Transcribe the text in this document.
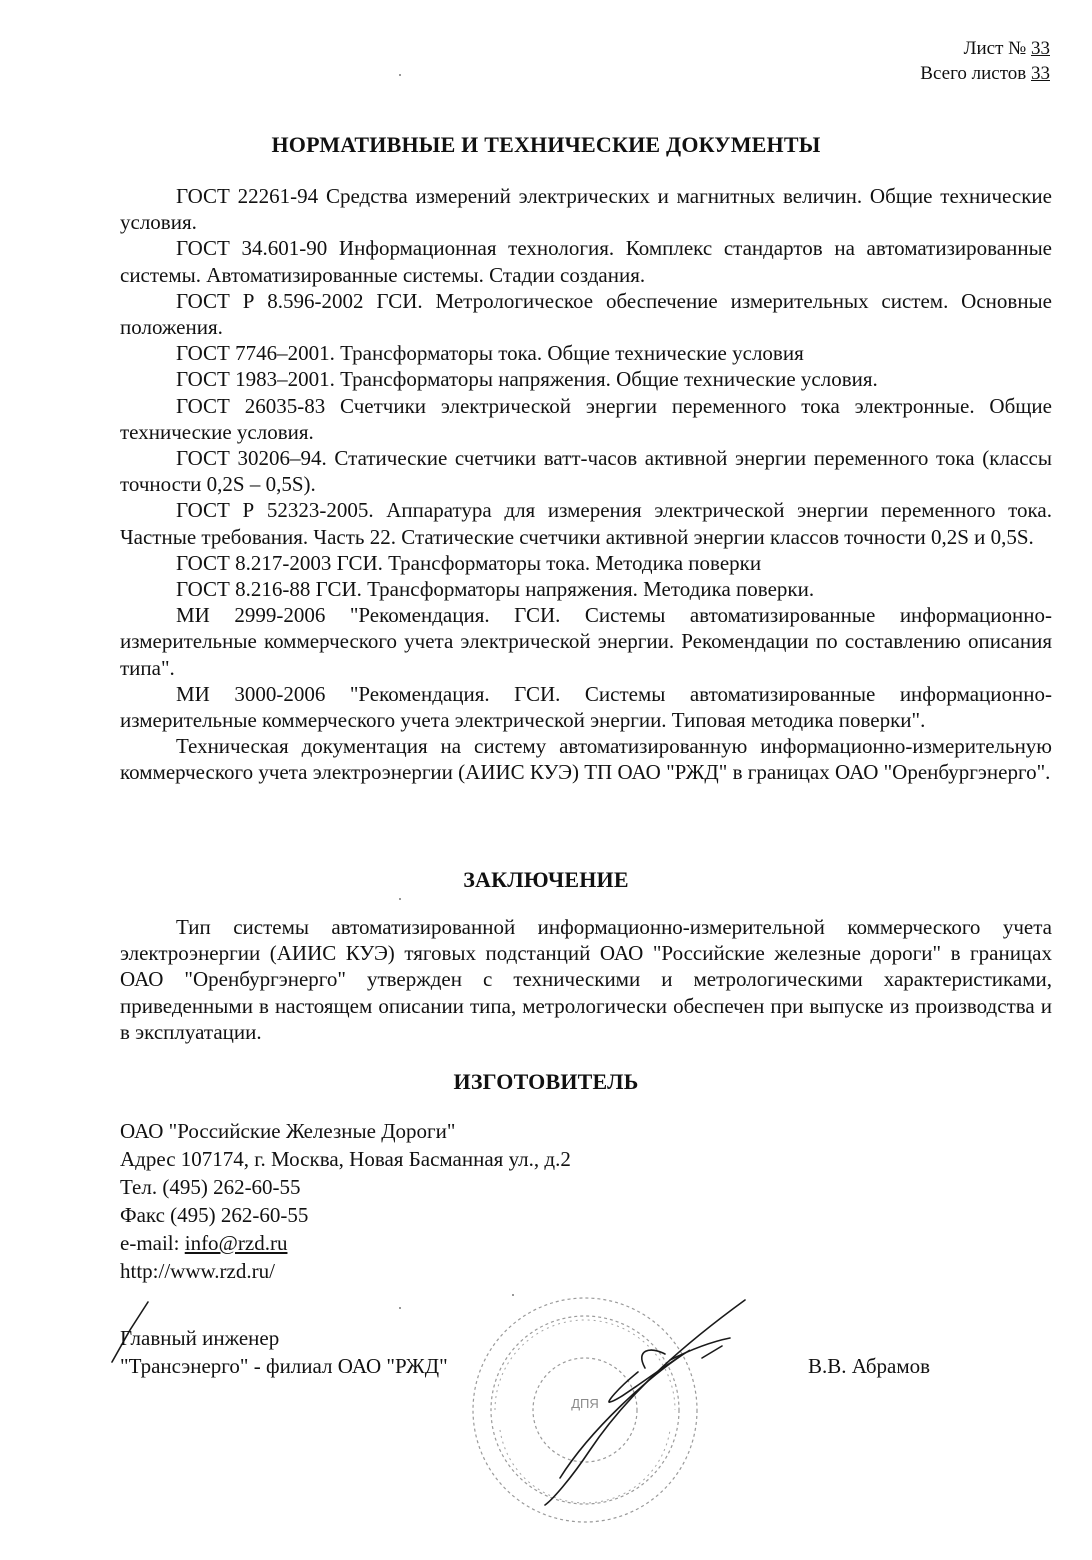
Лист № 33
Всего листов 33
НОРМАТИВНЫЕ И ТЕХНИЧЕСКИЕ ДОКУМЕНТЫ

ГОСТ 22261-94 Средства измерений электрических и магнитных величин. Общие технические условия.

ГОСТ 34.601-90 Информационная технология. Комплекс стандартов на автоматизированные системы. Автоматизированные системы. Стадии создания.

ГОСТ Р 8.596-2002 ГСИ. Метрологическое обеспечение измерительных систем. Основные положения.

ГОСТ 7746–2001. Трансформаторы тока. Общие технические условия

ГОСТ 1983–2001. Трансформаторы напряжения. Общие технические условия.

ГОСТ 26035-83 Счетчики электрической энергии переменного тока электронные. Общие технические условия.

ГОСТ 30206–94. Статические счетчики ватт-часов активной энергии переменного тока (классы точности 0,2S – 0,5S).

ГОСТ Р 52323-2005. Аппаратура для измерения электрической энергии переменного тока. Частные требования. Часть 22. Статические счетчики активной энергии классов точности 0,2S и 0,5S.

ГОСТ 8.217-2003 ГСИ. Трансформаторы тока. Методика поверки

ГОСТ 8.216-88 ГСИ. Трансформаторы напряжения. Методика поверки.

МИ 2999-2006 "Рекомендация. ГСИ. Системы автоматизированные информационно-измерительные коммерческого учета электрической энергии. Рекомендации по составлению описания типа".

МИ 3000-2006 "Рекомендация. ГСИ. Системы автоматизированные информационно-измерительные коммерческого учета электрической энергии. Типовая методика поверки".

Техническая документация на систему автоматизированную информационно-измерительную коммерческого учета электроэнергии (АИИС КУЭ) ТП ОАО "РЖД" в границах ОАО "Оренбургэнерго".

ЗАКЛЮЧЕНИЕ

Тип системы автоматизированной информационно-измерительной коммерческого учета электроэнергии (АИИС КУЭ) тяговых подстанций ОАО "Российские железные дороги" в границах ОАО "Оренбургэнерго" утвержден с техническими и метрологическими характеристиками, приведенными в настоящем описании типа, метрологически обеспечен при выпуске из производства и в эксплуатации.

ИЗГОТОВИТЕЛЬ
ОАО "Российские Железные Дороги"
Адрес 107174, г. Москва, Новая Басманная ул., д.2
Тел. (495) 262-60-55
Факс (495) 262-60-55
e-mail: info@rzd.ru
http://www.rzd.ru/
ДПЯ
Главный инженер
"Трансэнерго" - филиал ОАО "РЖД"	В.В. Абрамов
